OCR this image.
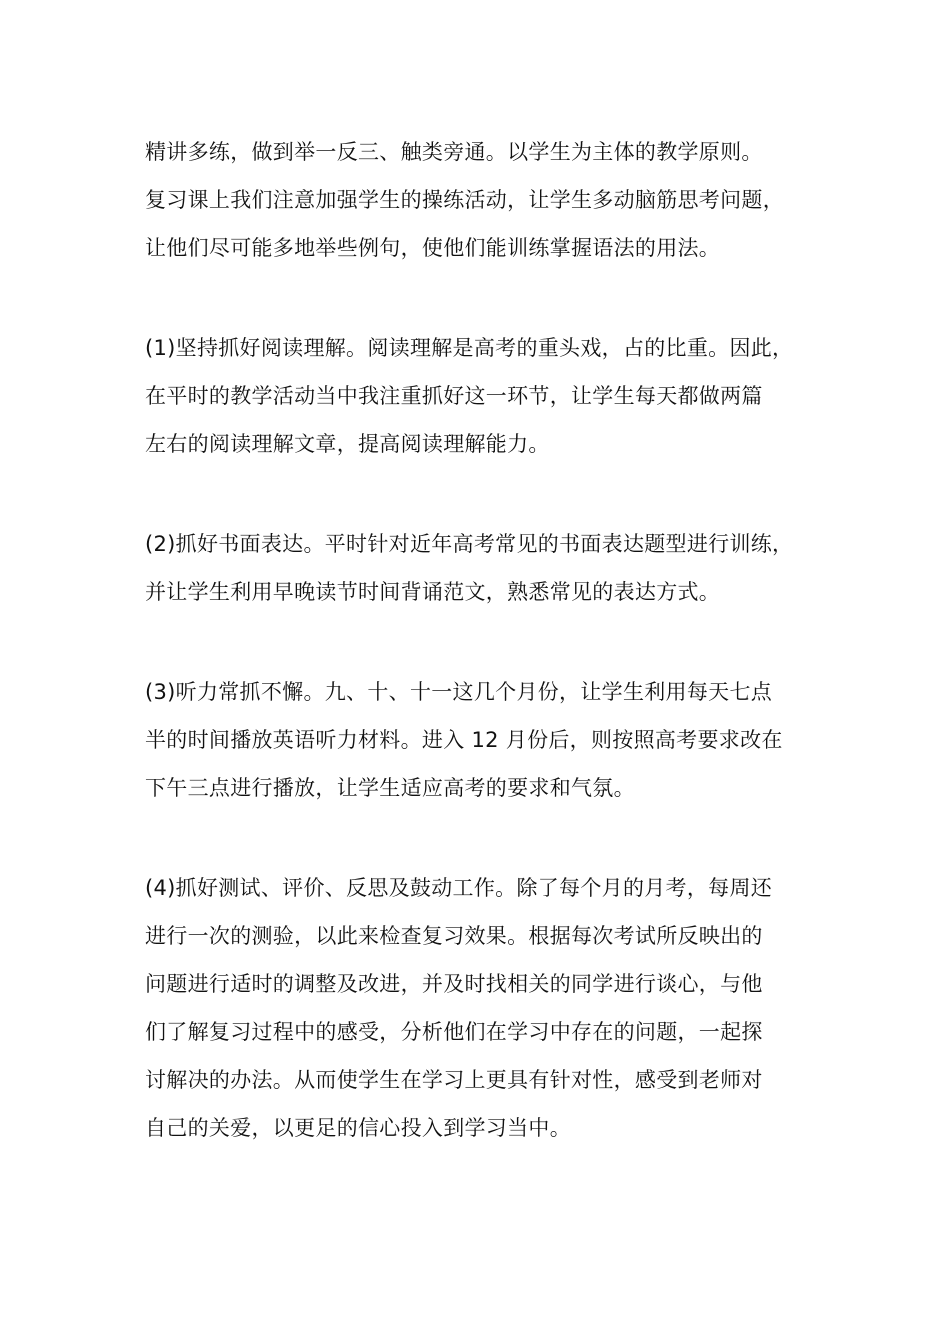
精讲多练，做到举一反三、触类旁通。以学生为主体的教学原则。
复习课上我们注意加强学生的操练活动，让学生多动脑筋思考问题，
让他们尽可能多地举些例句，使他们能训练掌握语法的用法。
(1)坚持抓好阅读理解。阅读理解是高考的重头戏，占的比重。因此，
在平时的教学活动当中我注重抓好这一环节，让学生每天都做两篇
左右的阅读理解文章，提高阅读理解能力。
(2)抓好书面表达。平时针对近年高考常见的书面表达题型进行训练，
并让学生利用早晚读节时间背诵范文，熟悉常见的表达方式。
(3)听力常抓不懈。九、十、十一这几个月份，让学生利用每天七点
半的时间播放英语听力材料。进入 12 月份后，则按照高考要求改在
下午三点进行播放，让学生适应高考的要求和气氛。
(4)抓好测试、评价、反思及鼓动工作。除了每个月的月考，每周还
进行一次的测验，以此来检查复习效果。根据每次考试所反映出的
问题进行适时的调整及改进，并及时找相关的同学进行谈心，与他
们了解复习过程中的感受，分析他们在学习中存在的问题，一起探
讨解决的办法。从而使学生在学习上更具有针对性，感受到老师对
自己的关爱，以更足的信心投入到学习当中。
